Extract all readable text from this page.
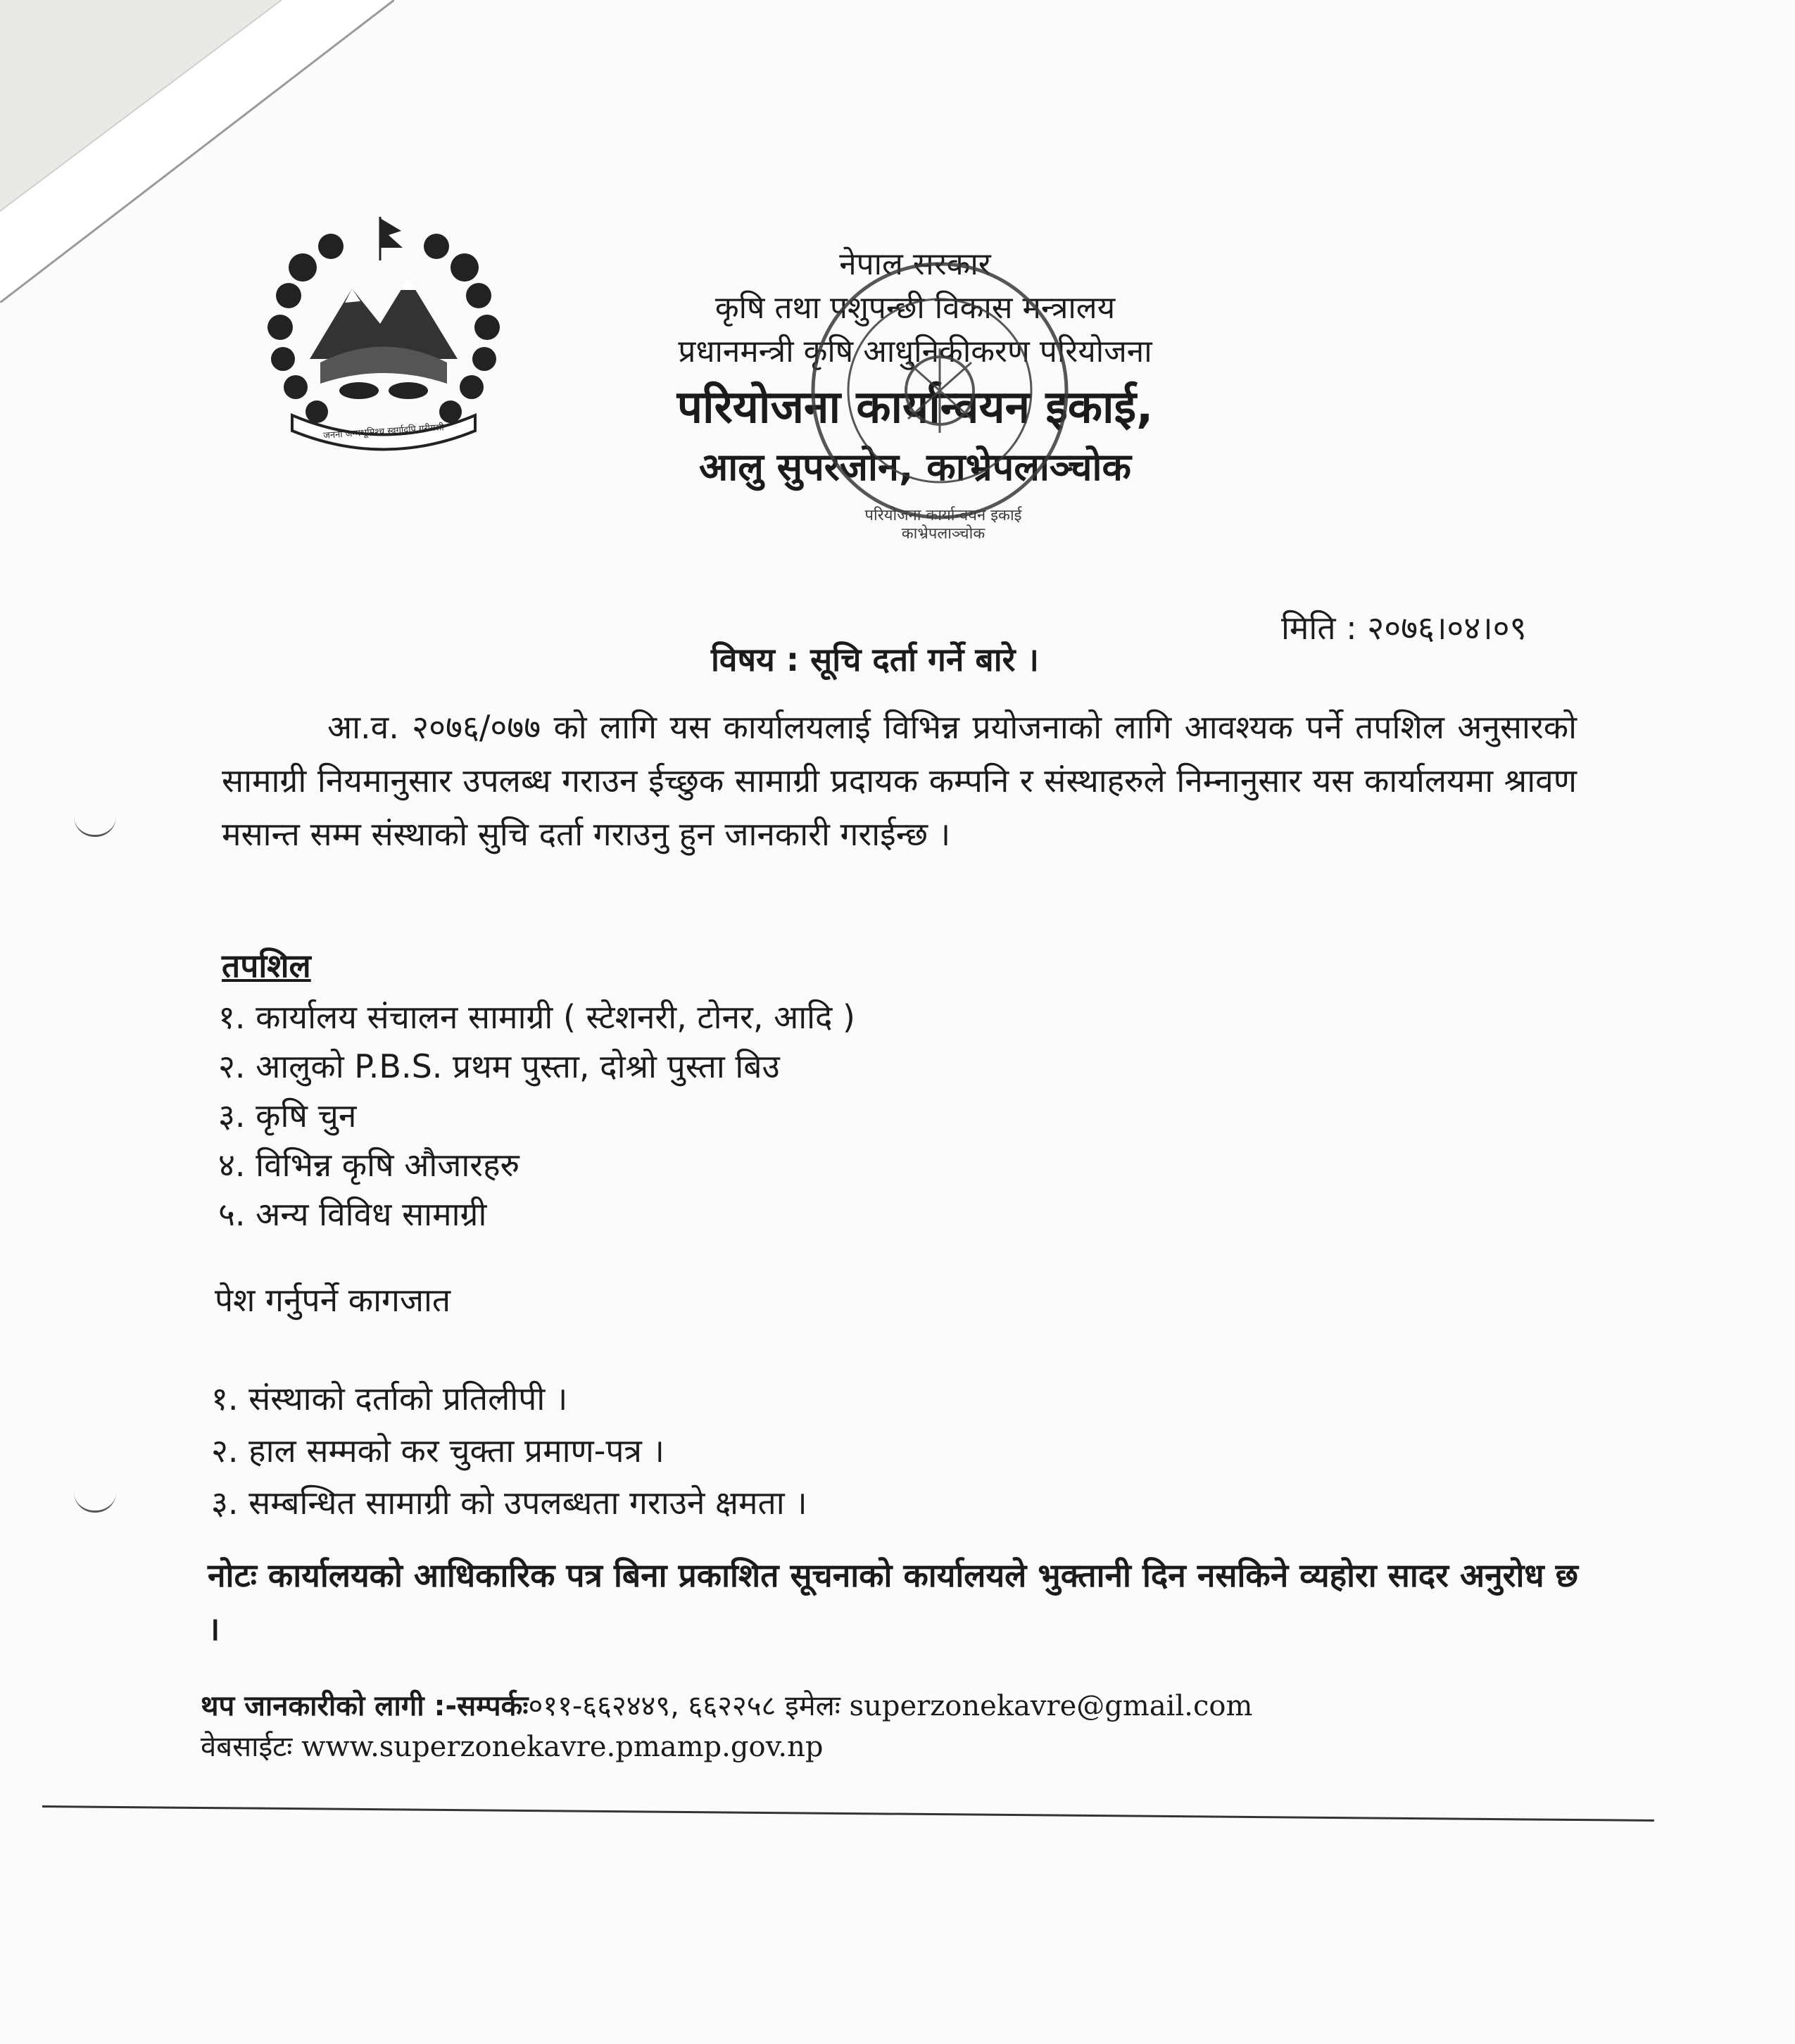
जननी जन्मभूमिश्च स्वर्गादपि गरीयसी
नेपाल सरकार
कृषि तथा पशुपन्छी विकास मन्त्रालय
प्रधानमन्त्री कृषि आधुनिकीकरण परियोजना
परियोजना कार्यान्वयन इकाई,
आलु सुपरजोन, काभ्रेपलाञ्चोक
परियोजना कार्यान्वयन इकाई काभ्रेपलाञ्चोक
मिति : २०७६।०४।०९
विषय : सूचि दर्ता गर्ने बारे ।
आ.व. २०७६/०७७ को लागि यस कार्यालयलाई विभिन्न प्रयोजनाको लागि आवश्यक पर्ने तपशिल अनुसारको सामाग्री नियमानुसार उपलब्ध गराउन ईच्छुक सामाग्री प्रदायक कम्पनि र संस्थाहरुले निम्नानुसार यस कार्यालयमा श्रावण मसान्त सम्म संस्थाको सुचि दर्ता गराउनु हुन जानकारी गराईन्छ ।
तपशिल
१. कार्यालय संचालन सामाग्री ( स्टेशनरी, टोनर, आदि )
२. आलुको P.B.S. प्रथम पुस्ता, दोश्रो पुस्ता बिउ
३. कृषि चुन
४. विभिन्न कृषि औजारहरु
५. अन्य विविध सामाग्री
पेश गर्नुपर्ने कागजात
१. संस्थाको दर्ताको प्रतिलीपी ।
२. हाल सम्मको कर चुक्ता प्रमाण-पत्र ।
३. सम्बन्धित सामाग्री को उपलब्धता गराउने क्षमता ।
नोटः कार्यालयको आधिकारिक पत्र बिना प्रकाशित सूचनाको कार्यालयले भुक्तानी दिन नसकिने व्यहोरा सादर अनुरोध छ ।
थप जानकारीको लागी :-सम्पर्कः०११-६६२४४९, ६६२२५८ इमेलः superzonekavre@gmail.com
वेबसाईटः www.superzonekavre.pmamp.gov.np
